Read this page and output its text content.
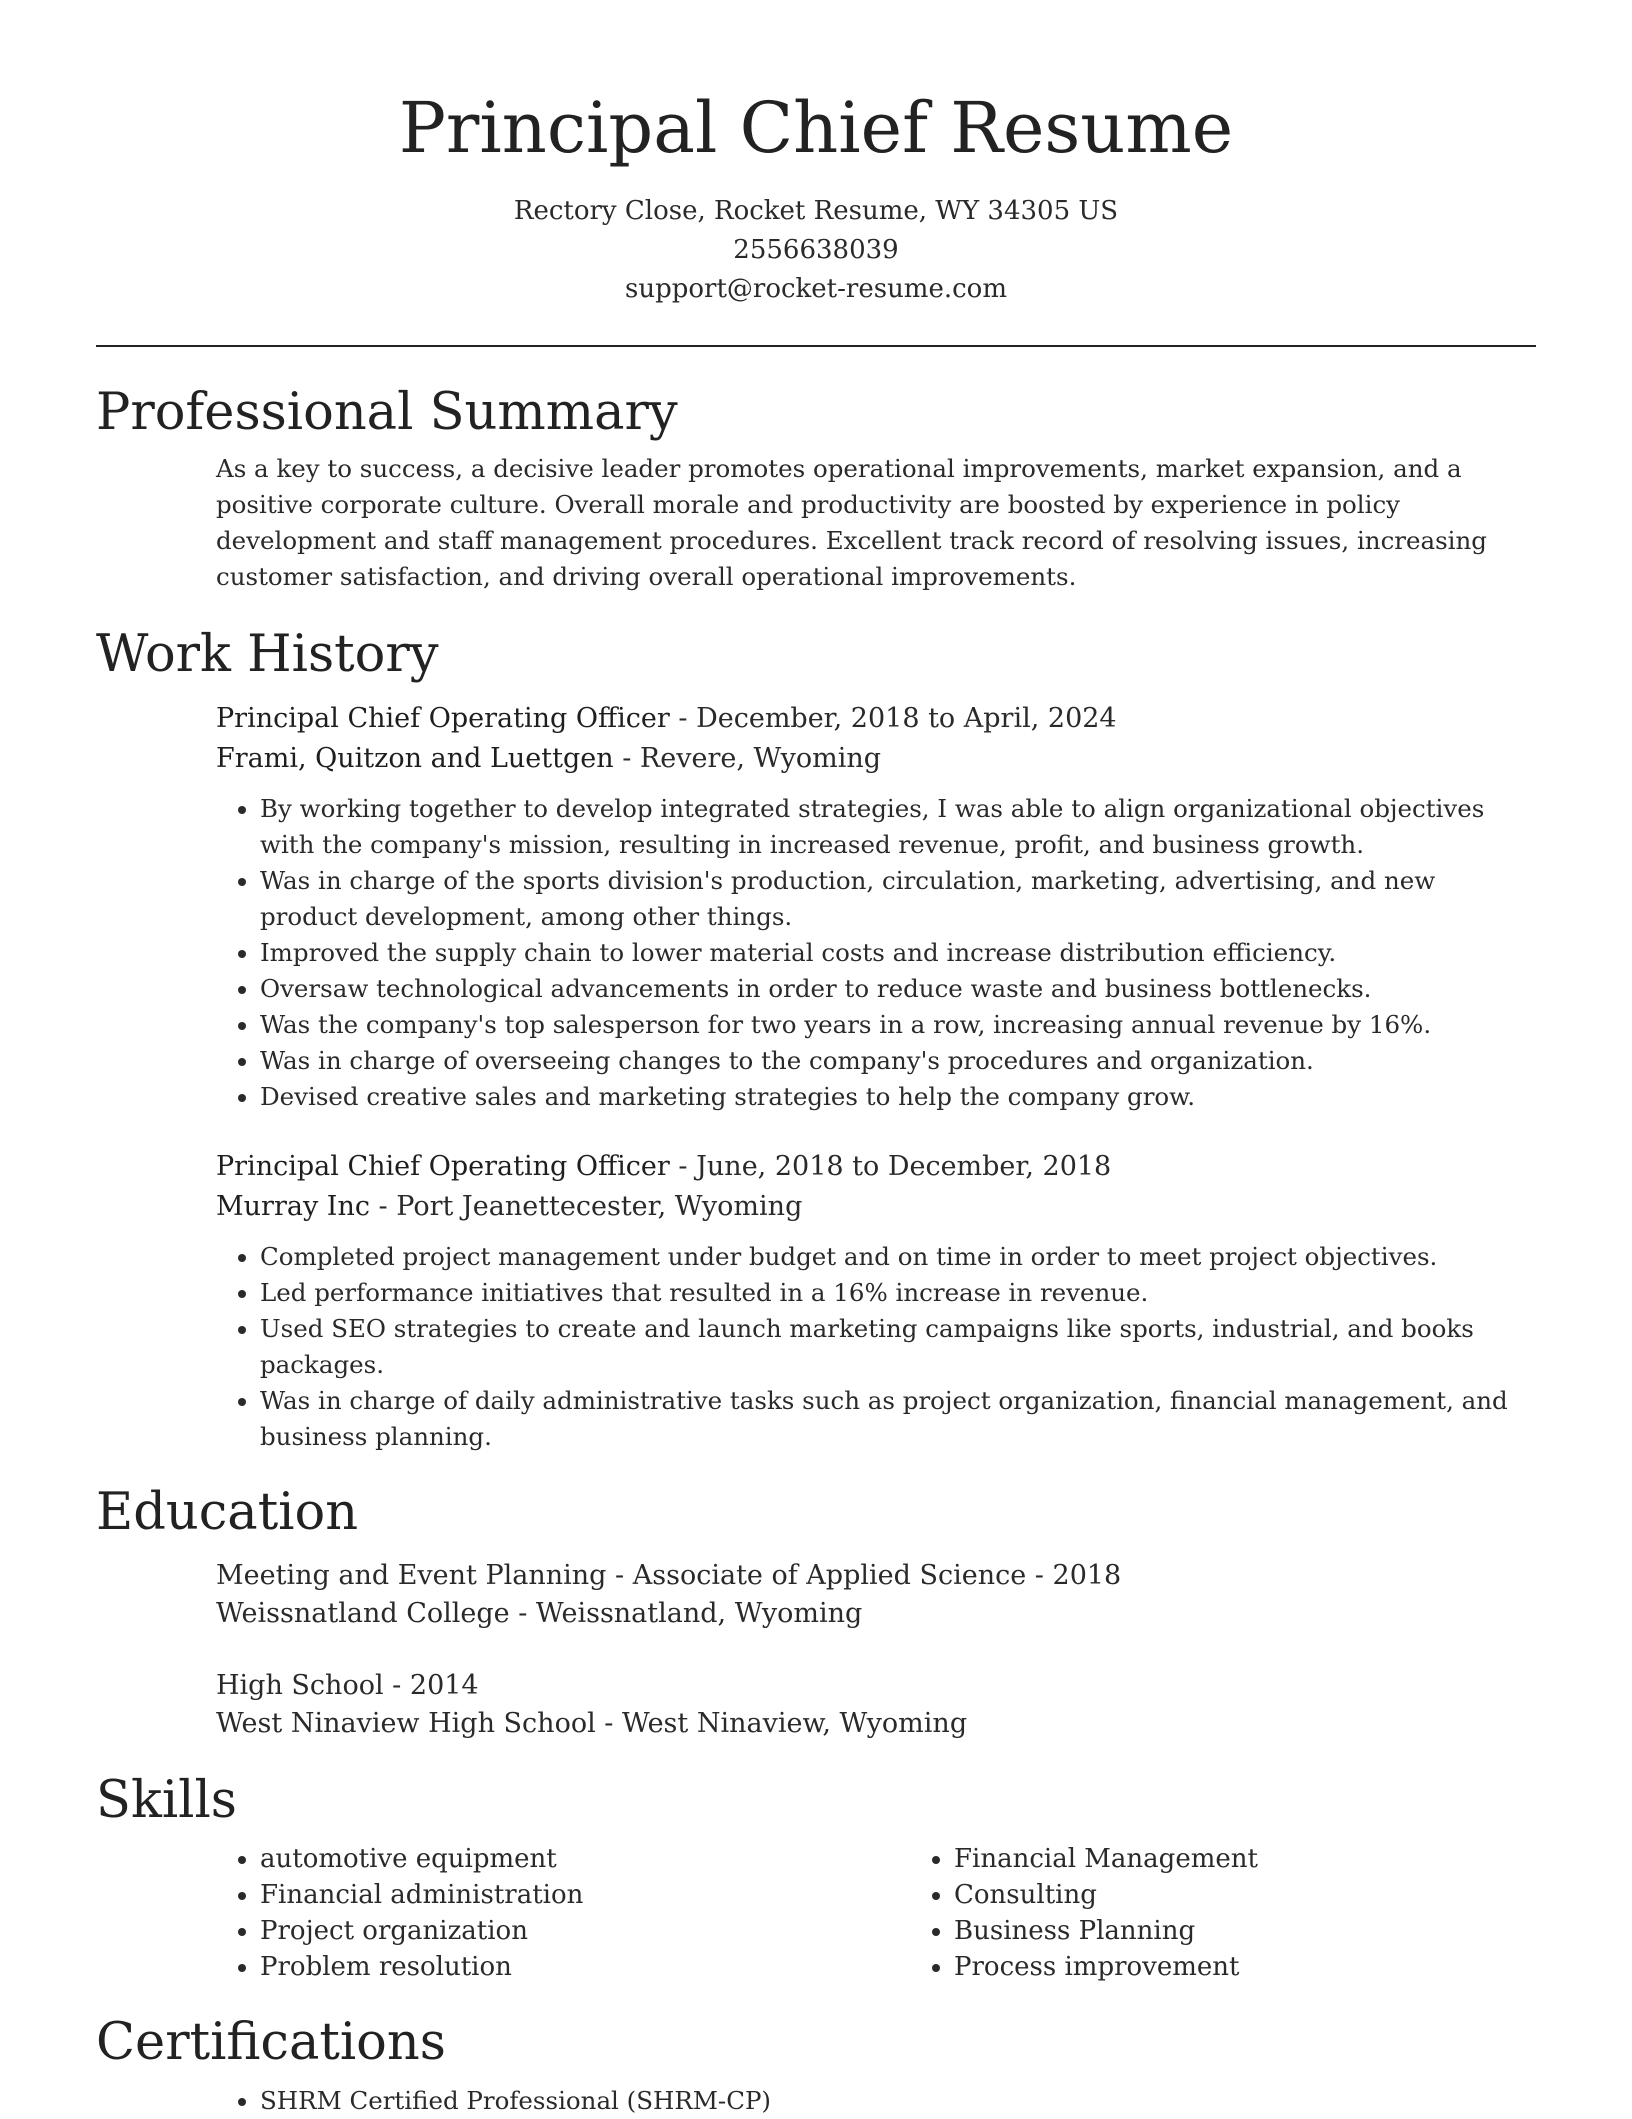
Principal Chief Resume
Rectory Close, Rocket Resume, WY 34305 US
2556638039
support@rocket-resume.com
Professional Summary

As a key to success, a decisive leader promotes operational improvements, market expansion, and a positive corporate culture. Overall morale and productivity are boosted by experience in policy development and staff management procedures. Excellent track record of resolving issues, increasing customer satisfaction, and driving overall operational improvements.

Work History
Principal Chief Operating Officer - December, 2018 to April, 2024
Frami, Quitzon and Luettgen - Revere, Wyoming
• By working together to develop integrated strategies, I was able to align organizational objectives with the company's mission, resulting in increased revenue, profit, and business growth.
• Was in charge of the sports division's production, circulation, marketing, advertising, and new product development, among other things.
• Improved the supply chain to lower material costs and increase distribution efficiency.
• Oversaw technological advancements in order to reduce waste and business bottlenecks.
• Was the company's top salesperson for two years in a row, increasing annual revenue by 16%.
• Was in charge of overseeing changes to the company's procedures and organization.
• Devised creative sales and marketing strategies to help the company grow.
Principal Chief Operating Officer - June, 2018 to December, 2018
Murray Inc - Port Jeanettecester, Wyoming
• Completed project management under budget and on time in order to meet project objectives.
• Led performance initiatives that resulted in a 16% increase in revenue.
• Used SEO strategies to create and launch marketing campaigns like sports, industrial, and books packages.
• Was in charge of daily administrative tasks such as project organization, financial management, and business planning.
Education
Meeting and Event Planning - Associate of Applied Science - 2018
Weissnatland College - Weissnatland, Wyoming
High School - 2014
West Ninaview High School - West Ninaview, Wyoming
Skills
• automotive equipment
• Financial administration
• Project organization
• Problem resolution
• Financial Management
• Consulting
• Business Planning
• Process improvement
Certifications
• SHRM Certified Professional (SHRM-CP)
